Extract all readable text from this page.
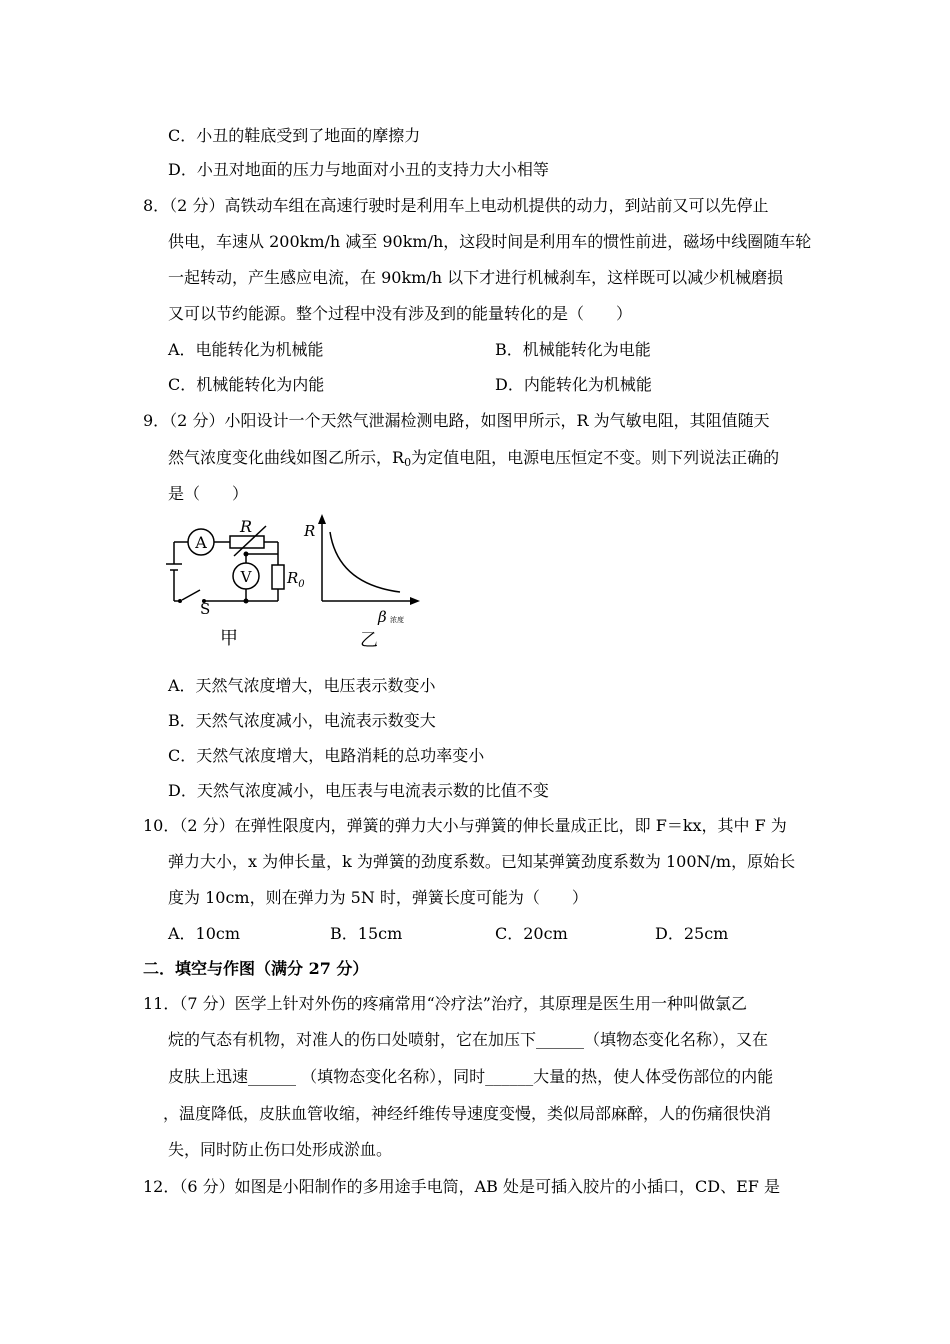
C．小丑的鞋底受到了地面的摩擦力
D．小丑对地面的压力与地面对小丑的支持力大小相等
8．（2 分）高铁动车组在高速行驶时是利用车上电动机提供的动力，到站前又可以先停止
供电，车速从 200km/h 减至 90km/h，这段时间是利用车的惯性前进，磁场中线圈随车轮
一起转动，产生感应电流，在 90km/h 以下才进行机械刹车，这样既可以减少机械磨损
又可以节约能源。整个过程中没有涉及到的能量转化的是（　　）
A．电能转化为机械能	B．机械能转化为电能
C．机械能转化为内能	D．内能转化为机械能
9．（2 分）小阳设计一个天然气泄漏检测电路，如图甲所示，R 为气敏电阻，其阻值随天
然气浓度变化曲线如图乙所示，$R_0$为定值电阻，电源电压恒定不变。则下列说法正确的
是（　　）
A
V
R
$R_0$
S
甲	乙
R
β 浓度
A．天然气浓度增大，电压表示数变小
B．天然气浓度减小，电流表示数变大
C．天然气浓度增大，电路消耗的总功率变小
D．天然气浓度减小，电压表与电流表示数的比值不变
10．（2 分）在弹性限度内，弹簧的弹力大小与弹簧的伸长量成正比，即 F＝kx，其中 F 为
弹力大小，x 为伸长量，k 为弹簧的劲度系数。已知某弹簧劲度系数为 100N/m，原始长
度为 10cm，则在弹力为 5N 时，弹簧长度可能为（　　）
A．10cm	B．15cm	C．20cm	D．25cm
二．填空与作图（满分 27 分）
11．（7 分）医学上针对外伤的疼痛常用“冷疗法”治疗，其原理是医生用一种叫做氯乙
烷的气态有机物，对准人的伤口处喷射，它在加压下______（填物态变化名称），又在
皮肤上迅速______ （填物态变化名称），同时______大量的热，使人体受伤部位的内能
，温度降低，皮肤血管收缩，神经纤维传导速度变慢，类似局部麻醉，人的伤痛很快消
失，同时防止伤口处形成淤血。
12．（6 分）如图是小阳制作的多用途手电筒，AB 处是可插入胶片的小插口，CD、EF 是
